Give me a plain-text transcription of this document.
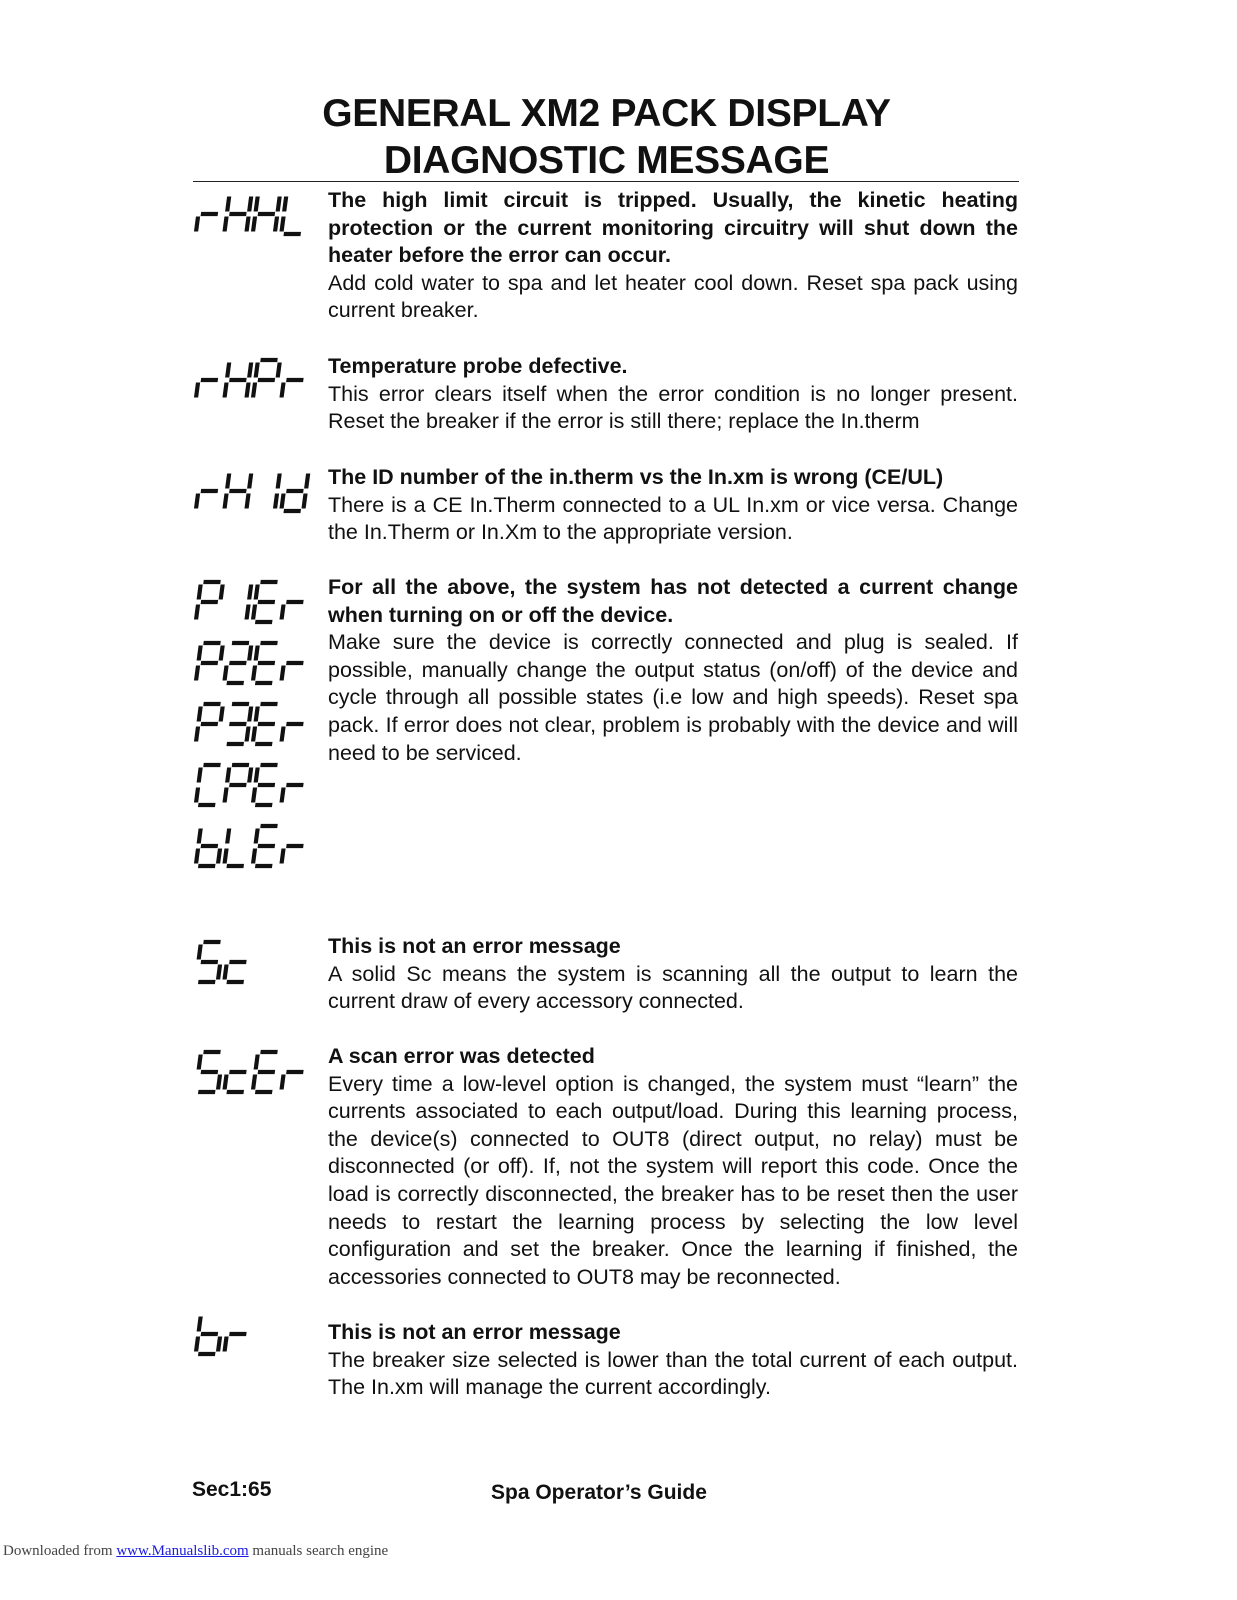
GENERAL XM2 PACK DISPLAY
DIAGNOSTIC MESSAGE
The high limit circuit is tripped. Usually, the kinetic heating protection or the current monitoring circuitry will shut down the heater before the error can occur.
Add cold water to spa and let heater cool down. Reset spa pack using current breaker.
Temperature probe defective.
This error clears itself when the error condition is no longer present. Reset the breaker if the error is still there; replace the In.therm
The ID number of the in.therm vs the In.xm is wrong (CE/UL)
There is a CE In.Therm connected to a UL In.xm or vice versa. Change the In.Therm or In.Xm to the appropriate version.
For all the above, the system has not detected a current change when turning on or off the device.
Make sure the device is correctly connected and plug is sealed. If possible, manually change the output status (on/off) of the device and cycle through all possible states (i.e low and high speeds). Reset spa pack. If error does not clear, problem is probably with the device and will need to be serviced.
This is not an error message
A solid Sc means the system is scanning all the output to learn the current draw of every accessory connected.
A scan error was detected
Every time a low-level option is changed, the system must “learn” the currents associated to each output/load. During this learning process, the device(s) connected to OUT8 (direct output, no relay) must be disconnected (or off). If, not the system will report this code. Once the load is correctly disconnected, the breaker has to be reset then the user needs to restart the learning process by selecting the low level configuration and set the breaker. Once the learning if finished, the accessories connected to OUT8 may be reconnected.
This is not an error message
The breaker size selected is lower than the total current of each output. The In.xm will manage the current accordingly.
Sec1:65	Spa Operator’s Guide
Downloaded from www.Manualslib.com manuals search engine
